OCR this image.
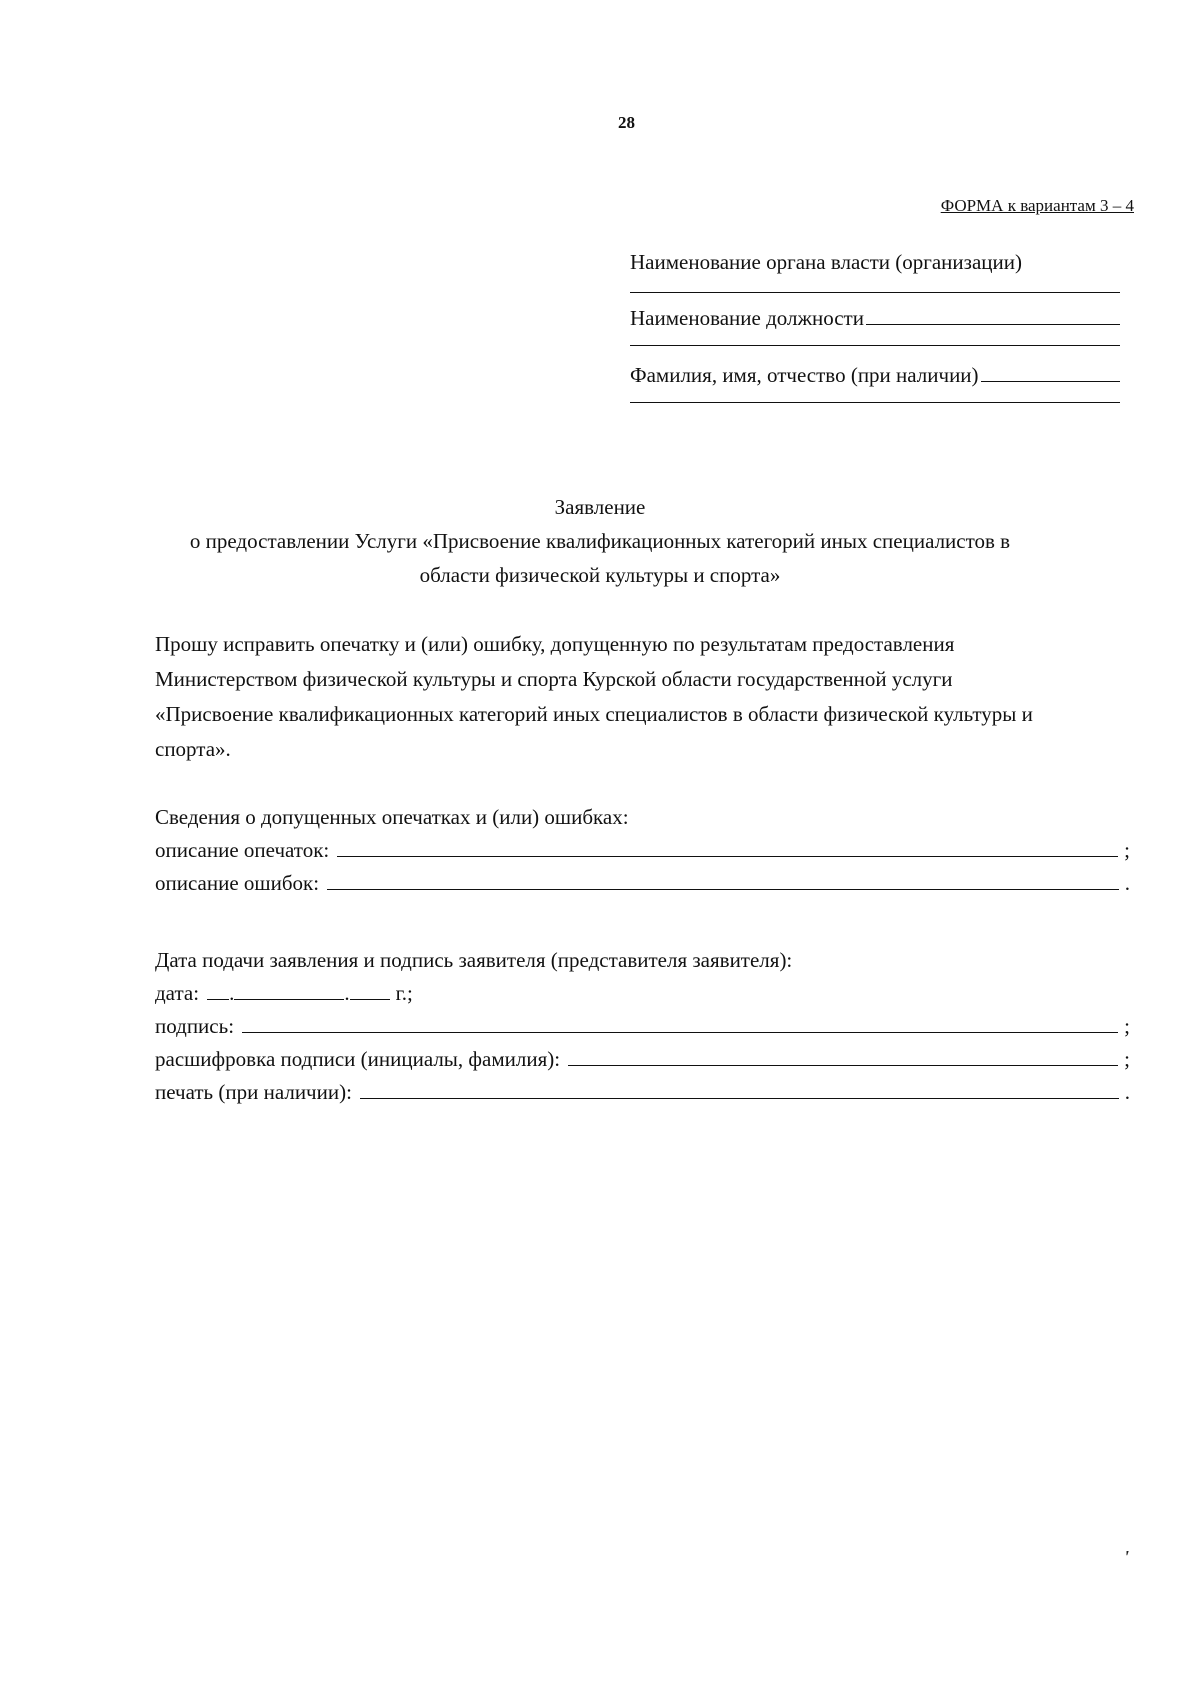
28
ФОРМА к вариантам 3 – 4
Наименование органа власти (организации)
Наименование должности
Фамилия, имя, отчество (при наличии)
Заявление
о предоставлении Услуги «Присвоение квалификационных категорий иных специалистов в
области физической культуры и спорта»
Прошу исправить опечатку и (или) ошибку, допущенную по результатам предоставления
Министерством физической культуры и спорта Курской области государственной услуги
«Присвоение квалификационных категорий иных специалистов в области физической культуры и
спорта».
Сведения о допущенных опечатках и (или) ошибках:
описание опечаток:	;
описание ошибок:	.
Дата подачи заявления и подпись заявителя (представителя заявителя):
дата: .	. г.;
подпись:	;
расшифровка подписи (инициалы, фамилия):	;
печать (при наличии):	.
'
